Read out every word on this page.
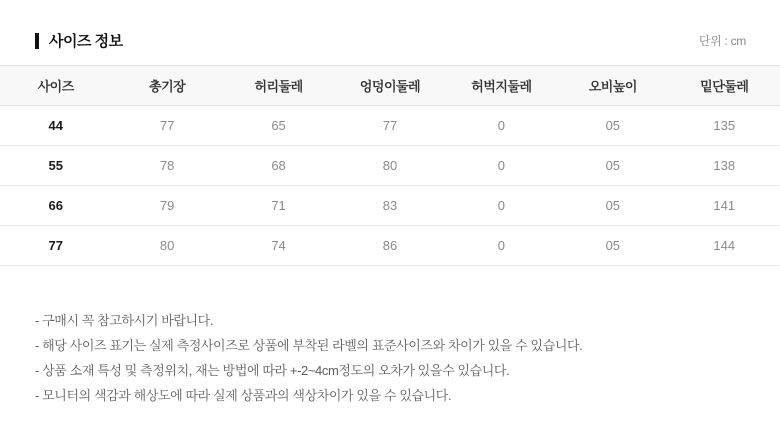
사이즈 정보	단위 : cm
사이즈	총기장	허리둘레	엉덩이둘레	허벅지둘레	오비높이	밑단둘레
44	77	65	77	0	05	135
55	78	68	80	0	05	138
66	79	71	83	0	05	141
77	80	74	86	0	05	144
- 구매시 꼭 참고하시기 바랍니다.
- 해당 사이즈 표기는 실제 측정사이즈로 상품에 부착된 라벨의 표준사이즈와 차이가 있을 수 있습니다.
- 상품 소재 특성 및 측정위치, 재는 방법에 따라 +-2~4cm정도의 오차가 있을수 있습니다.
- 모니터의 색감과 해상도에 따라 실제 상품과의 색상차이가 있을 수 있습니다.
